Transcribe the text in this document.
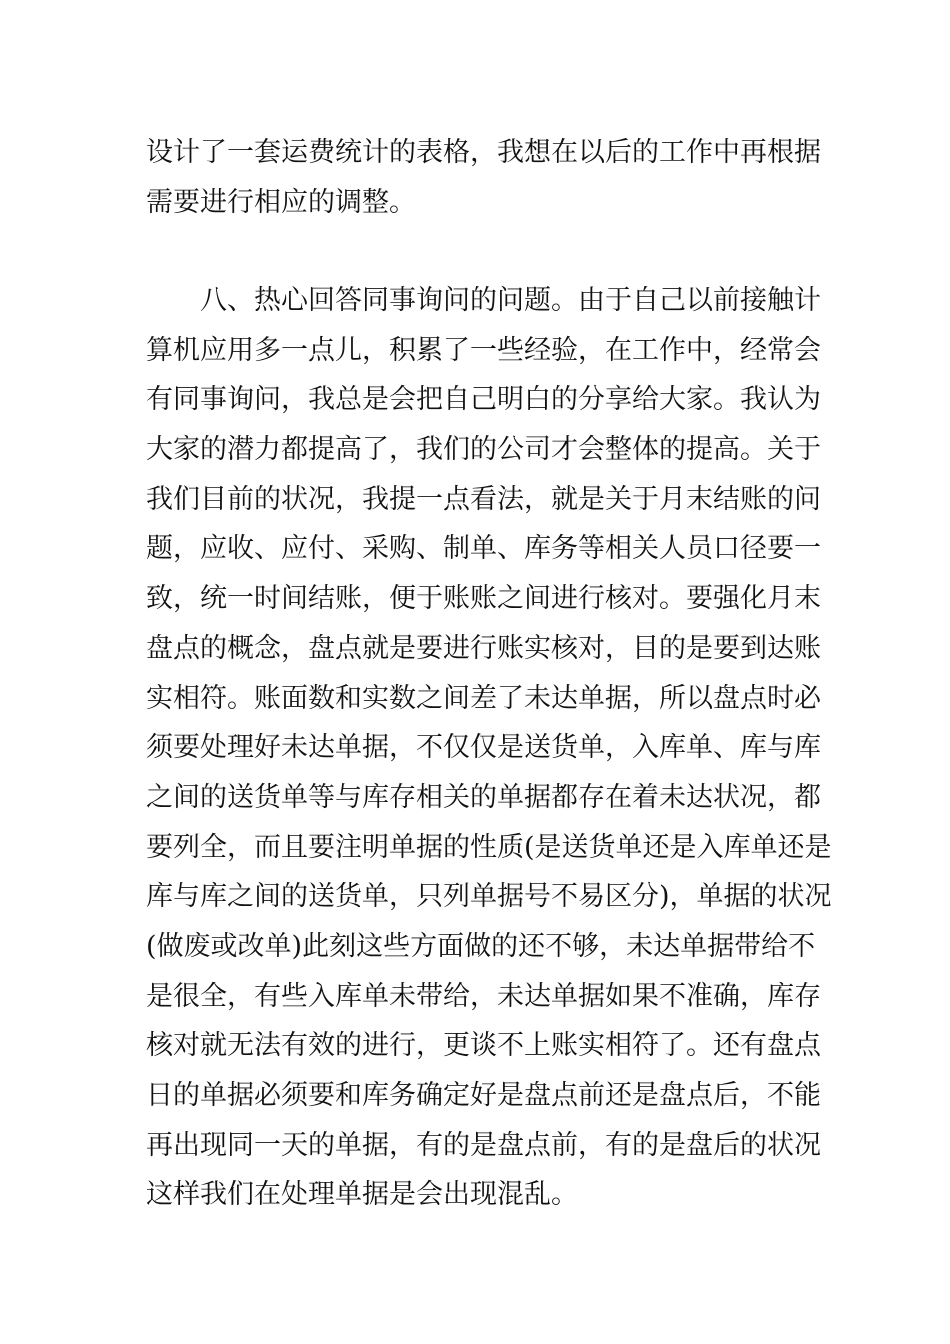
设计了一套运费统计的表格，我想在以后的工作中再根据
需要进行相应的调整。
八、热心回答同事询问的问题。由于自己以前接触计
算机应用多一点儿，积累了一些经验，在工作中，经常会
有同事询问，我总是会把自己明白的分享给大家。我认为
大家的潜力都提高了，我们的公司才会整体的提高。关于
我们目前的状况，我提一点看法，就是关于月末结账的问
题，应收、应付、采购、制单、库务等相关人员口径要一
致，统一时间结账，便于账账之间进行核对。要强化月末
盘点的概念，盘点就是要进行账实核对，目的是要到达账
实相符。账面数和实数之间差了未达单据，所以盘点时必
须要处理好未达单据，不仅仅是送货单，入库单、库与库
之间的送货单等与库存相关的单据都存在着未达状况，都
要列全，而且要注明单据的性质(是送货单还是入库单还是
库与库之间的送货单，只列单据号不易区分)，单据的状况
(做废或改单)此刻这些方面做的还不够，未达单据带给不
是很全，有些入库单未带给，未达单据如果不准确，库存
核对就无法有效的进行，更谈不上账实相符了。还有盘点
日的单据必须要和库务确定好是盘点前还是盘点后，不能
再出现同一天的单据，有的是盘点前，有的是盘后的状况
这样我们在处理单据是会出现混乱。
